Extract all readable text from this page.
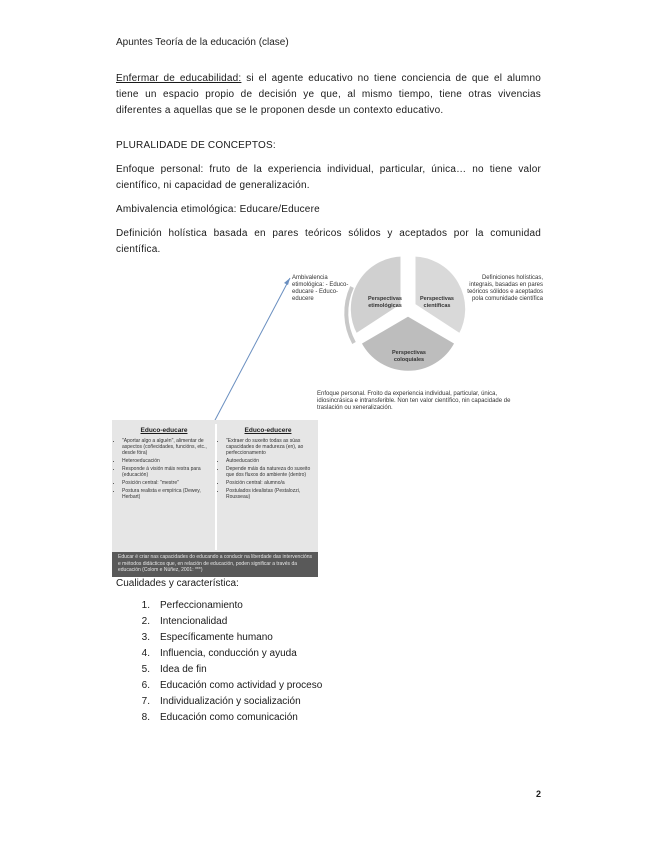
Apuntes Teoría de la educación (clase)
Enfermar de educabilidad: si el agente educativo no tiene conciencia de que el alumno tiene un espacio propio de decisión ye que, al mismo tiempo, tiene otras vivencias diferentes a aquellas que se le proponen desde un contexto educativo.
PLURALIDADE DE CONCEPTOS:
Enfoque personal: fruto de la experiencia individual, particular, única… no tiene valor científico, ni capacidad de generalización.
Ambivalencia etimológica: Educare/Educere
Definición holística basada en pares teóricos sólidos y aceptados por la comunidad científica.
Perspectivas etimológicas
Perspectivas científicas
Perspectivas coloquiales
Ambivalencia etimológica: - Educo-educare - Educo-educere
Definiciones holísticas, integrais, basadas en pares teóricos sólidos e aceptados pola comunidade científica
Enfoque personal. Froito da experiencia individual, particular, única, idiosincrásica e intransferible. Non ten valor científico, nin capacidade de traslación ou xeneralización.
Educo-educare
• "Aportar algo a alguén", alimentar de aspectos (coñecidades, funcións, etc., desde fóra)
• Heteroeducación
• Responde á visión máis restra para (educación)
• Posición central: "mestre"
• Postura realista e empírica (Dewey, Herbart)
Educo-educere
• "Extraer do suxeito todas as súas capacidades de madureza (en), ao perfeccionamento
• Autoeducación
• Depende máis da natureza do suxeito que dos fluxos do ambiente (dentro)
• Posición central: alumno/a
• Postulados idealistas (Pestalozzi, Rousseau)
Educar é criar nas capacidades do educando a conducir na liberdade das intervencións e métodos didácticos que, en relación de educación, poden significar a través da educación (Colom e Núñez, 2001: ***)
Cualidades y característica:
1. Perfeccionamiento
2. Intencionalidad
3. Específicamente humano
4. Influencia, conducción y ayuda
5. Idea de fin
6. Educación como actividad y proceso
7. Individualización y socialización
8. Educación como comunicación
2
